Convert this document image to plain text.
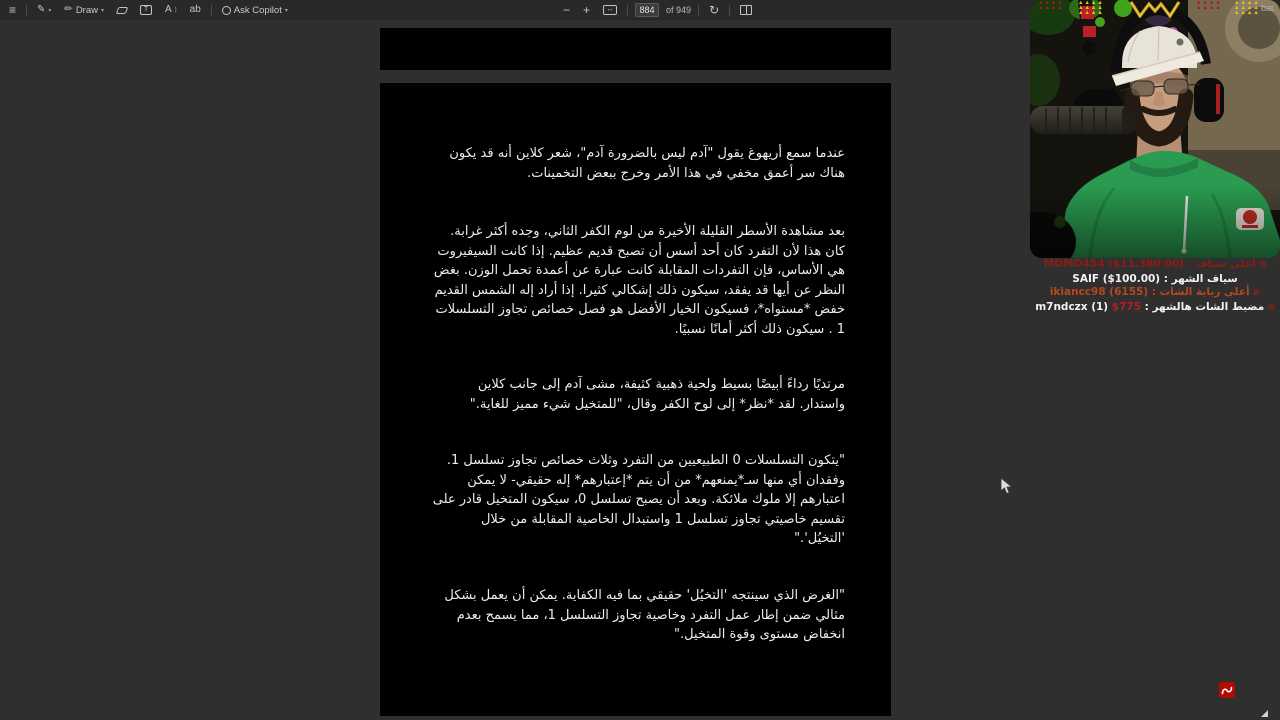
≡ ✎ ▾ ✏ Draw ▾	T	A ) ab	Ask Copilot ▾	− +	↔
884	of 949 ↻	bat

عندما سمع أريهوغ يقول "آدم ليس بالضرورة آدم"، شعر كلاين أنه قد يكون هناك سر أعمق مخفي في هذا الأمر وخرج ببعض التخمينات.

بعد مشاهدة الأسطر القليلة الأخيرة من لوم الكفر الثاني، وجده أكثر غرابة. كان هذا لأن التفرد كان أحد أسس أن تصبح قديم عظيم. إذا كانت السيفيروت هي الأساس، فإن التفردات المقابلة كانت عبارة عن أعمدة تحمل الوزن. بغض النظر عن أيها قد يفقد، سيكون ذلك إشكالي كثيرا. إذا أراد إله الشمس القديم خفض *مستواه*، فسيكون الخيار الأفضل هو فصل خصائص تجاوز التسلسلات 1 . سيكون ذلك أكثر أمانًا نسبيًا.

مرتديًا رداءً أبيضًا بسيط ولحية ذهبية كثيفة، مشى آدم إلى جانب كلاين واستدار. لقد *نظر* إلى لوح الكفر وقال، "للمتخيل شيء مميز للغاية."

"يتكون التسلسلات 0 الطبيعيين من التفرد وثلاث خصائص تجاوز تسلسل 1. وفقدان أي منها سـ*يمنعهم* من أن يتم *إعتبارهم* إله حقيقي- لا يمكن اعتبارهم إلا ملوك ملائكة. وبعد أن يصبح تسلسل 0، سيكون المتخيل قادر على تقسيم خاصيتي تجاوز تسلسل 1 واستبدال الخاصية المقابلة من خلال 'التخيُل'."

"الغرض الذي سينتجه 'التخيُل' حقيقي بما فيه الكفاية. يمكن أن يعمل بشكل مثالي ضمن إطار عمل التفرد وخاصية تجاوز التسلسل 1، مما يسمح بعدم انخفاض مستوى وقوة المتخيل."

▲▲▲▲
▲▲▲▲
▲▲▲▲
▲▲▲▲
▲▲▲▲
▲▲▲▲
▲▲▲▲
▲▲▲▲
▲▲▲▲
▲▲▲▲
⊘أغلى سياف : MOMO454 ($11,380.00)
سياف الشهر : SAIF ($100.00)
⊘أعلى رباية الشات : ikiancc98 (6155)
⊘مضبط الشات هالشهر : m7ndczx (1) $775
